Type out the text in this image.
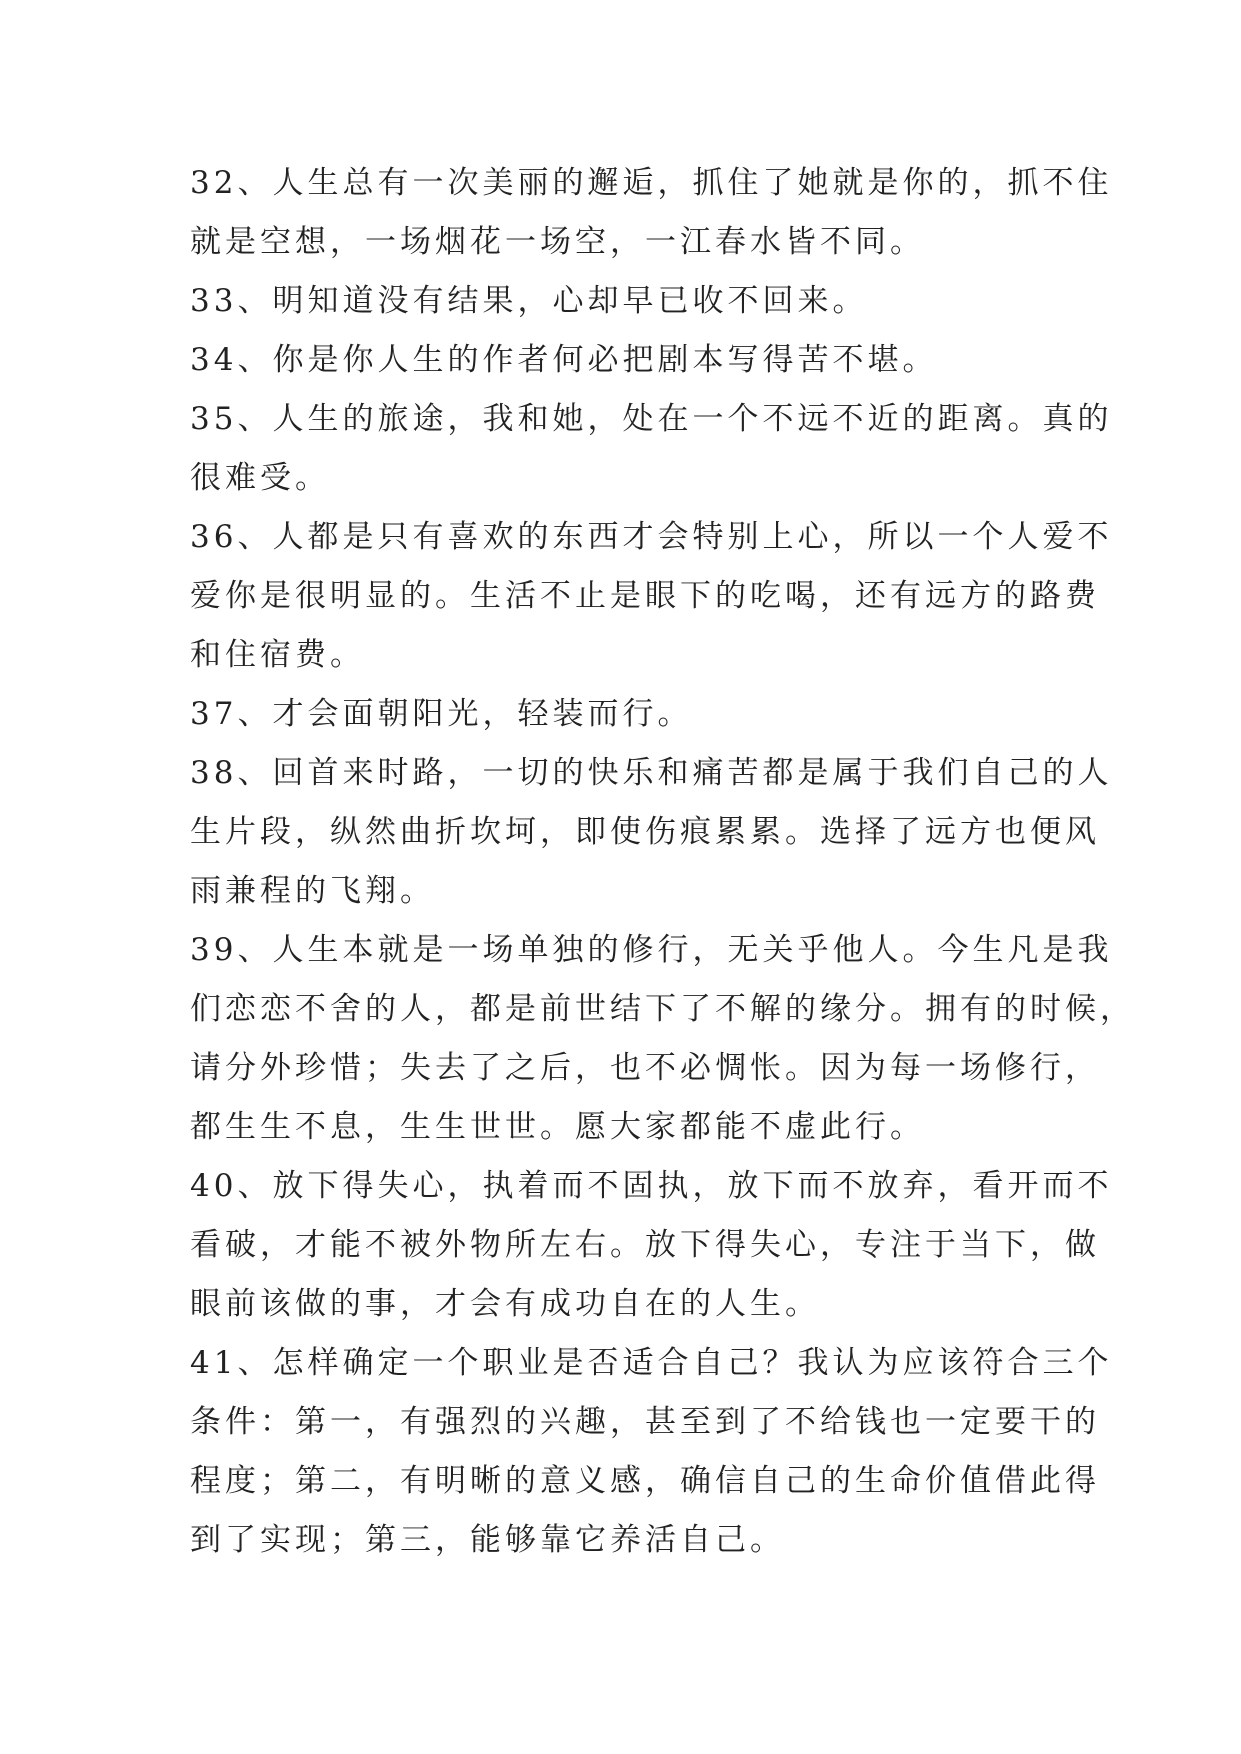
32、人生总有一次美丽的邂逅，抓住了她就是你的，抓不住
就是空想，一场烟花一场空，一江春水皆不同。
33、明知道没有结果，心却早已收不回来。
34、你是你人生的作者何必把剧本写得苦不堪。
35、人生的旅途，我和她，处在一个不远不近的距离。真的
很难受。
36、人都是只有喜欢的东西才会特别上心，所以一个人爱不
爱你是很明显的。生活不止是眼下的吃喝，还有远方的路费
和住宿费。
37、才会面朝阳光，轻装而行。
38、回首来时路，一切的快乐和痛苦都是属于我们自己的人
生片段，纵然曲折坎坷，即使伤痕累累。选择了远方也便风
雨兼程的飞翔。
39、人生本就是一场单独的修行，无关乎他人。今生凡是我
们恋恋不舍的人，都是前世结下了不解的缘分。拥有的时候，
请分外珍惜；失去了之后，也不必惆怅。因为每一场修行，
都生生不息，生生世世。愿大家都能不虚此行。
40、放下得失心，执着而不固执，放下而不放弃，看开而不
看破，才能不被外物所左右。放下得失心，专注于当下，做
眼前该做的事，才会有成功自在的人生。
41、怎样确定一个职业是否适合自己？我认为应该符合三个
条件：第一，有强烈的兴趣，甚至到了不给钱也一定要干的
程度；第二，有明晰的意义感，确信自己的生命价值借此得
到了实现；第三，能够靠它养活自己。
